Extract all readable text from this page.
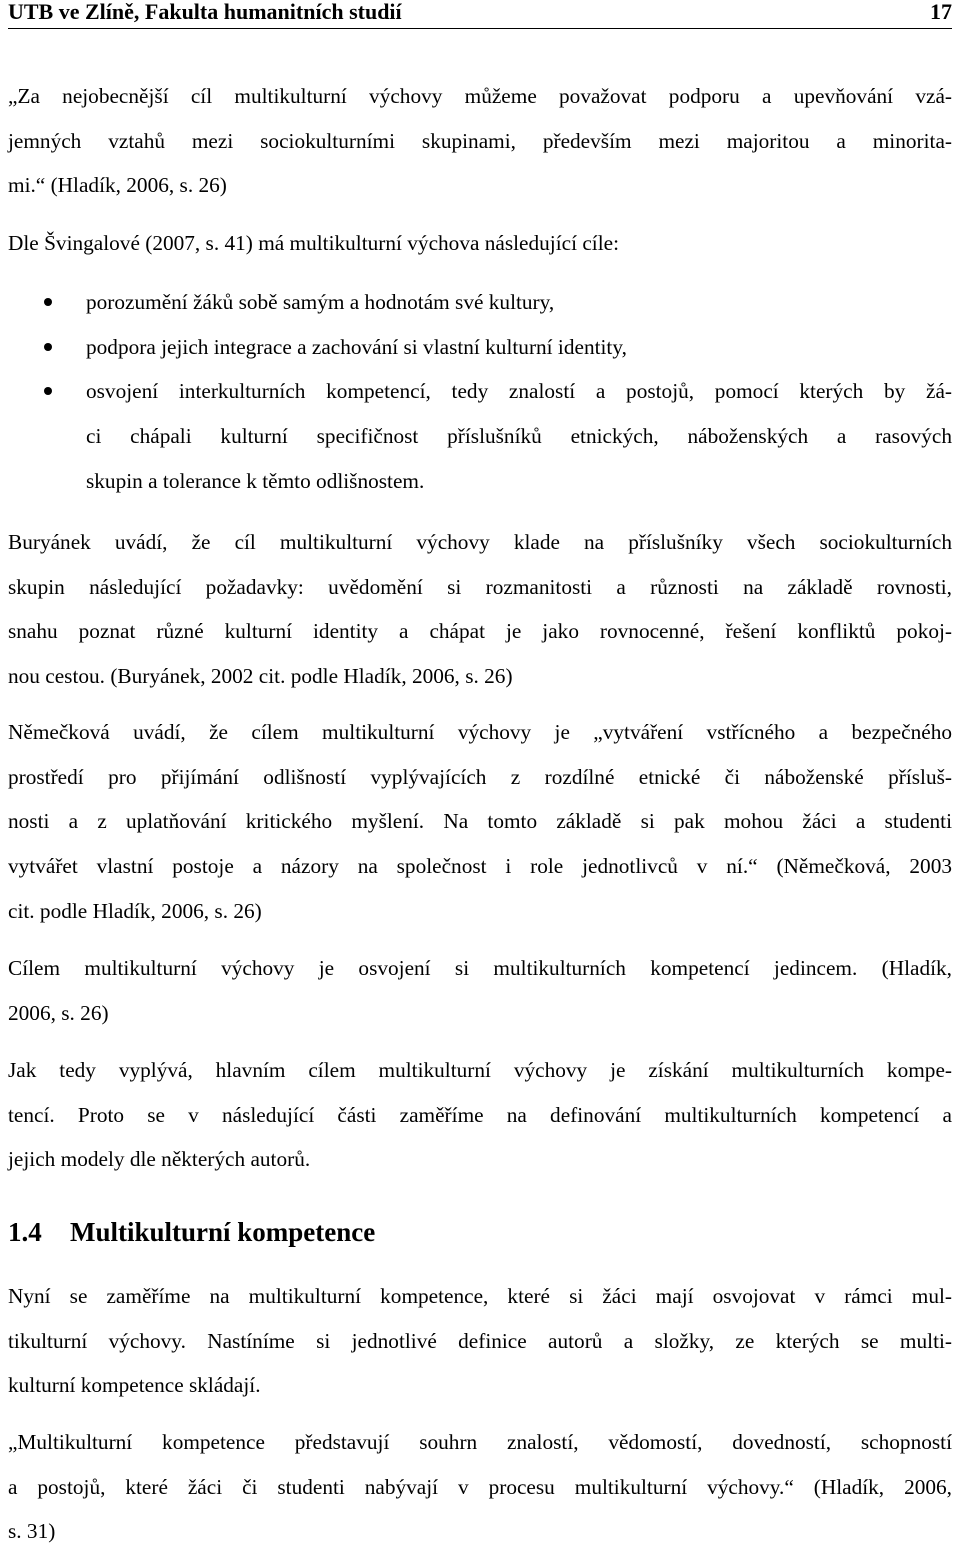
UTB ve Zlíně, Fakulta humanitních studií	17
„Za nejobecnější cíl multikulturní výchovy můžeme považovat podporu a upevňování vzá-
jemných vztahů mezi sociokulturními skupinami, především mezi majoritou a minorita-
mi.“ (Hladík, 2006, s. 26)
Dle Švingalové (2007, s. 41) má multikulturní výchova následující cíle:
porozumění žáků sobě samým a hodnotám své kultury,
podpora jejich integrace a zachování si vlastní kulturní identity,
osvojení interkulturních kompetencí, tedy znalostí a postojů, pomocí kterých by žá-
ci chápali kulturní specifičnost příslušníků etnických, náboženských a rasových
skupin a tolerance k těmto odlišnostem.
Buryánek uvádí, že cíl multikulturní výchovy klade na příslušníky všech sociokulturních
skupin následující požadavky: uvědomění si rozmanitosti a různosti na základě rovnosti,
snahu poznat různé kulturní identity a chápat je jako rovnocenné, řešení konfliktů pokoj-
nou cestou. (Buryánek, 2002 cit. podle Hladík, 2006, s. 26)
Němečková uvádí, že cílem multikulturní výchovy je „vytváření vstřícného a bezpečného
prostředí pro přijímání odlišností vyplývajících z rozdílné etnické či náboženské přísluš-
nosti a z uplatňování kritického myšlení. Na tomto základě si pak mohou žáci a studenti
vytvářet vlastní postoje a názory na společnost i role jednotlivců v ní.“ (Němečková, 2003
cit. podle Hladík, 2006, s. 26)
Cílem multikulturní výchovy je osvojení si multikulturních kompetencí jedincem. (Hladík,
2006, s. 26)
Jak tedy vyplývá, hlavním cílem multikulturní výchovy je získání multikulturních kompe-
tencí. Proto se v následující části zaměříme na definování multikulturních kompetencí a
jejich modely dle některých autorů.
1.4 Multikulturní kompetence
Nyní se zaměříme na multikulturní kompetence, které si žáci mají osvojovat v rámci mul-
tikulturní výchovy. Nastíníme si jednotlivé definice autorů a složky, ze kterých se multi-
kulturní kompetence skládají.
„Multikulturní kompetence představují souhrn znalostí, vědomostí, dovedností, schopností
a postojů, které žáci či studenti nabývají v procesu multikulturní výchovy.“ (Hladík, 2006,
s. 31)
